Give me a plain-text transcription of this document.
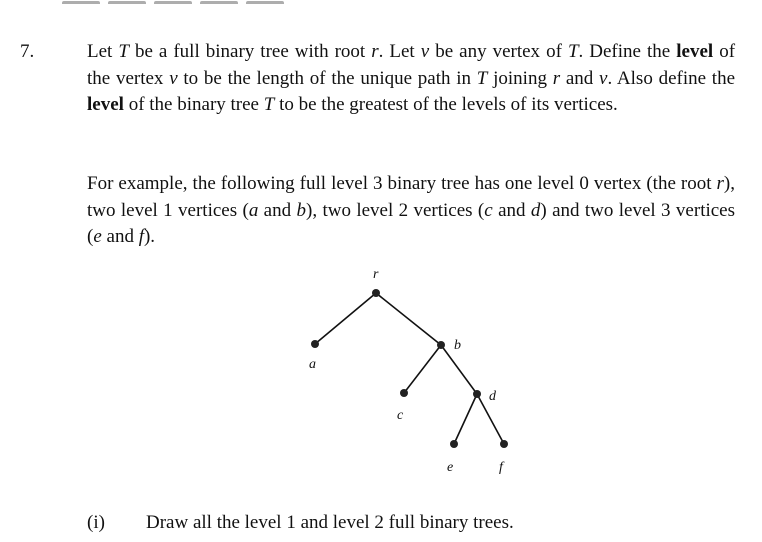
7.	Let T be a full binary tree with root r. Let v be any vertex of T. Define the level of the vertex v to be the length of the unique path in T joining r and v. Also define the level of the binary tree T to be the greatest of the levels of its vertices.

For example, the following full level 3 binary tree has one level 0 vertex (the root r), two level 1 vertices (a and b), two level 2 vertices (c and d) and two level 3 vertices (e and f).

r
a
b
c
d
e	f
(i) Draw all the level 1 and level 2 full binary trees.
